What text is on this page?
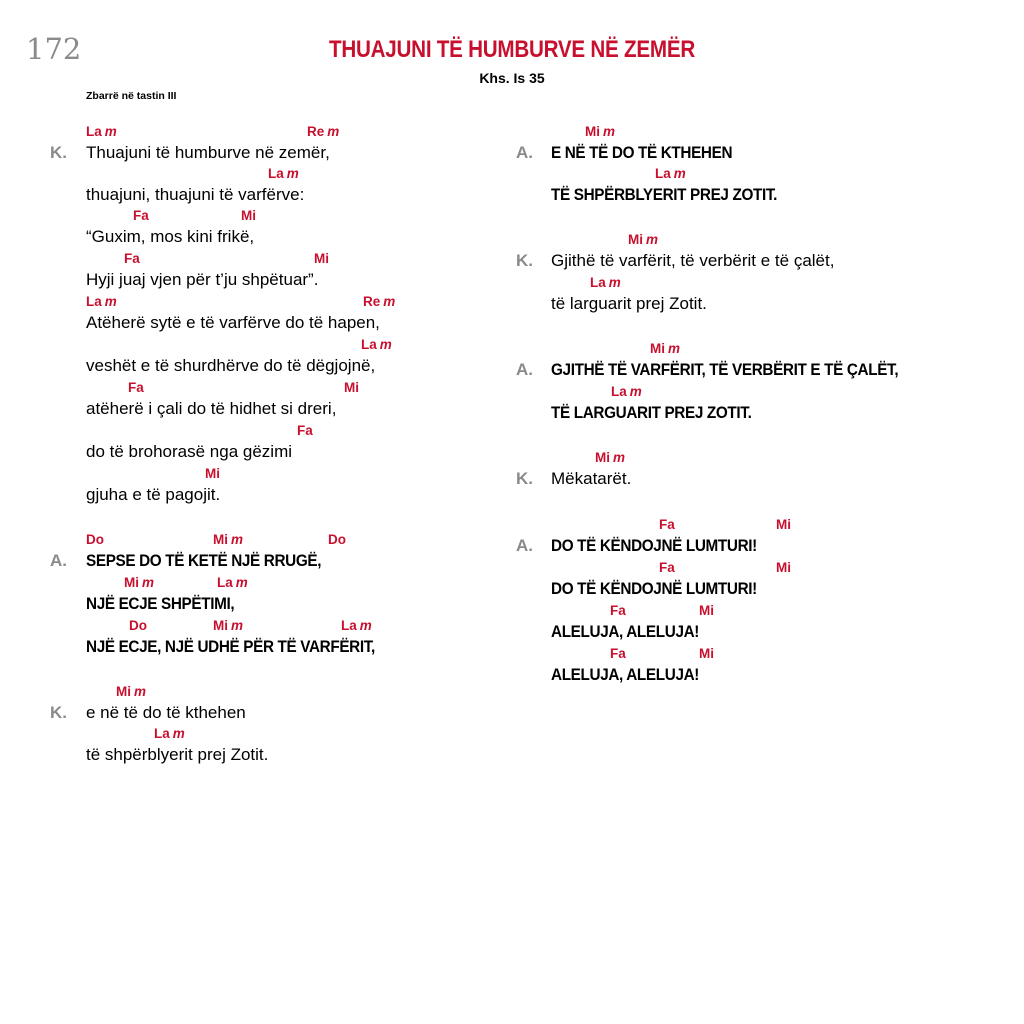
172	THUAJUNI TË HUMBURVE NË ZEMËR
Khs. Is 35
Zbarrë në tastin III
La m	Re m
K. Thuajuni të humburve në zemër,
La m
thuajuni, thuajuni të varfërve:
Fa	Mi
“Guxim, mos kini frikë,
Fa	Mi
Hyji juaj vjen për t’ju shpëtuar”.
La m	Re m
Atëherë sytë e të varfërve do të hapen,
La m
veshët e të shurdhërve do të dëgjojnë,
Fa	Mi
atëherë i çali do të hidhet si dreri,
Fa
do të brohorasë nga gëzimi
Mi
gjuha e të pagojit.
Do	Mi m	Do
A. SEPSE DO TË KETË NJË RRUGË,
Mi m	La m
NJË ECJE SHPËTIMI,
Do	Mi m	La m
NJË ECJE, NJË UDHË PËR TË VARFËRIT,
Mi m
K. e në të do të kthehen
La m
të shpërblyerit prej Zotit.
Mi m
A. E NË TË DO TË KTHEHEN
La m
TË SHPËRBLYERIT PREJ ZOTIT.
Mi m
K. Gjithë të varfërit, të verbërit e të çalët,
La m
të larguarit prej Zotit.
Mi m
A. GJITHË TË VARFËRIT, TË VERBËRIT E TË ÇALËT,
La m
TË LARGUARIT PREJ ZOTIT.
Mi m
K. Mëkatarët.
Fa	Mi
A. DO TË KËNDOJNË LUMTURI!
Fa	Mi
DO TË KËNDOJNË LUMTURI!
Fa	Mi
ALELUJA, ALELUJA!
Fa	Mi
ALELUJA, ALELUJA!
